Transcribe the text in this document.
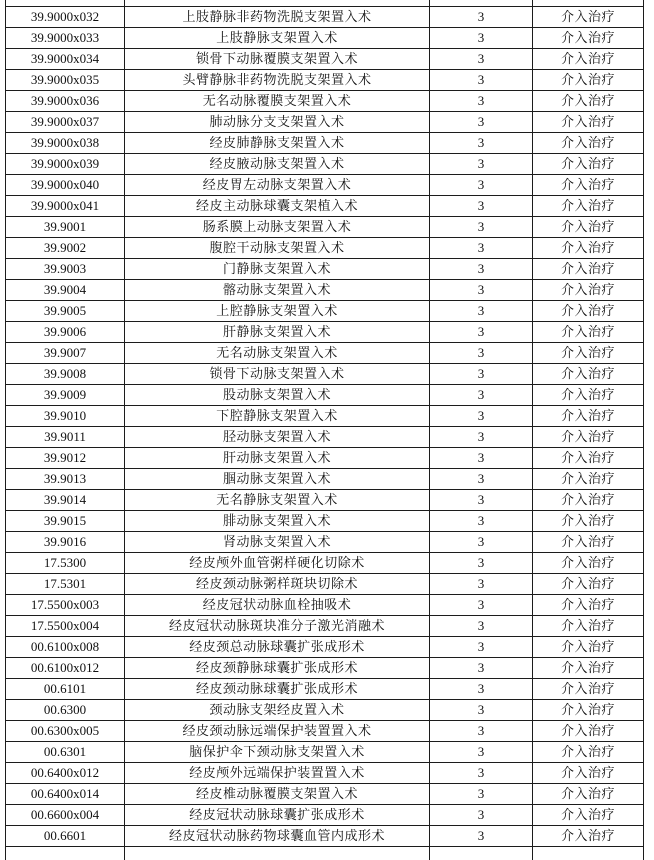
39.9000x032	上肢静脉非药物洗脱支架置入术	3	介入治疗
39.9000x033	上肢静脉支架置入术	3	介入治疗
39.9000x034	锁骨下动脉覆膜支架置入术	3	介入治疗
39.9000x035	头臂静脉非药物洗脱支架置入术	3	介入治疗
39.9000x036	无名动脉覆膜支架置入术	3	介入治疗
39.9000x037	肺动脉分支支架置入术	3	介入治疗
39.9000x038	经皮肺静脉支架置入术	3	介入治疗
39.9000x039	经皮腋动脉支架置入术	3	介入治疗
39.9000x040	经皮胃左动脉支架置入术	3	介入治疗
39.9000x041	经皮主动脉球囊支架植入术	3	介入治疗
39.9001	肠系膜上动脉支架置入术	3	介入治疗
39.9002	腹腔干动脉支架置入术	3	介入治疗
39.9003	门静脉支架置入术	3	介入治疗
39.9004	髂动脉支架置入术	3	介入治疗
39.9005	上腔静脉支架置入术	3	介入治疗
39.9006	肝静脉支架置入术	3	介入治疗
39.9007	无名动脉支架置入术	3	介入治疗
39.9008	锁骨下动脉支架置入术	3	介入治疗
39.9009	股动脉支架置入术	3	介入治疗
39.9010	下腔静脉支架置入术	3	介入治疗
39.9011	胫动脉支架置入术	3	介入治疗
39.9012	肝动脉支架置入术	3	介入治疗
39.9013	腘动脉支架置入术	3	介入治疗
39.9014	无名静脉支架置入术	3	介入治疗
39.9015	腓动脉支架置入术	3	介入治疗
39.9016	肾动脉支架置入术	3	介入治疗
17.5300	经皮颅外血管粥样硬化切除术	3	介入治疗
17.5301	经皮颈动脉粥样斑块切除术	3	介入治疗
17.5500x003	经皮冠状动脉血栓抽吸术	3	介入治疗
17.5500x004	经皮冠状动脉斑块准分子激光消融术	3	介入治疗
00.6100x008	经皮颈总动脉球囊扩张成形术	3	介入治疗
00.6100x012	经皮颈静脉球囊扩张成形术	3	介入治疗
00.6101	经皮颈动脉球囊扩张成形术	3	介入治疗
00.6300	颈动脉支架经皮置入术	3	介入治疗
00.6300x005	经皮颈动脉远端保护装置置入术	3	介入治疗
00.6301	脑保护伞下颈动脉支架置入术	3	介入治疗
00.6400x012	经皮颅外远端保护装置置入术	3	介入治疗
00.6400x014	经皮椎动脉覆膜支架置入术	3	介入治疗
00.6600x004	经皮冠状动脉球囊扩张成形术	3	介入治疗
00.6601	经皮冠状动脉药物球囊血管内成形术	3	介入治疗
